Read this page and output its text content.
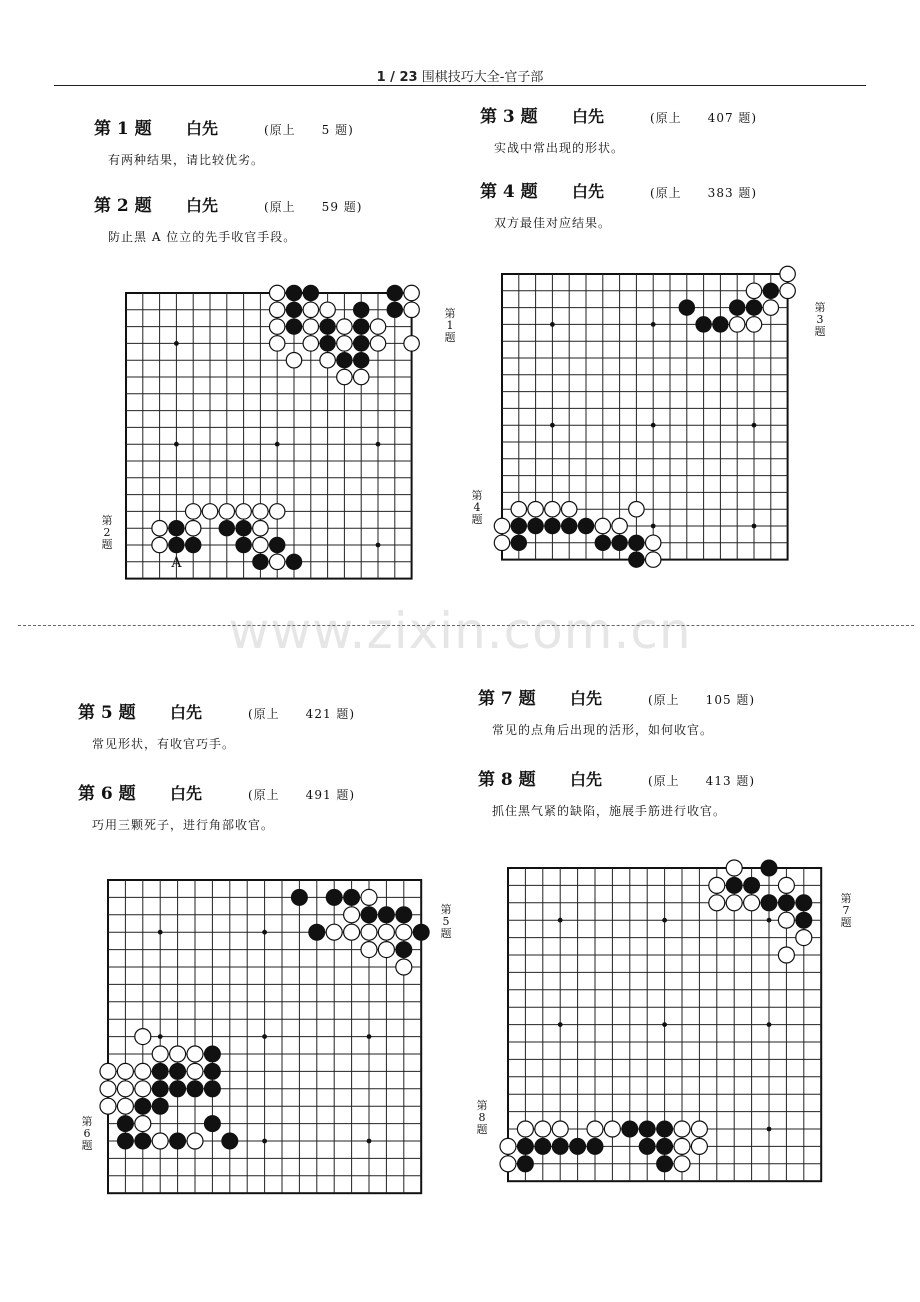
1 / 23 围棋技巧大全-官子部
www.zixin.com.cn
第 1 题	白先	(原上　　5 题)
有两种结果，请比较优劣。
第 2 题	白先	(原上　　59 题)
防止黑 A 位立的先手收官手段。
第 3 题	白先	(原上　　407 题)
实战中常出现的形状。
第 4 题	白先	(原上　　383 题)
双方最佳对应结果。
第 5 题	白先	(原上　　421 题)
常见形状，有收官巧手。
第 6 题	白先	(原上　　491 题)
巧用三颗死子，进行角部收官。
第 7 题	白先	(原上　　105 题)
常见的点角后出现的活形，如何收官。
第 8 题	白先	(原上　　413 题)
抓住黑气紧的缺陷，施展手筋进行收官。
A
第
1
题
第
2
题
第
3
题
第
4
题
第
5
题
第
6
题
第
7
题
第
8
题
